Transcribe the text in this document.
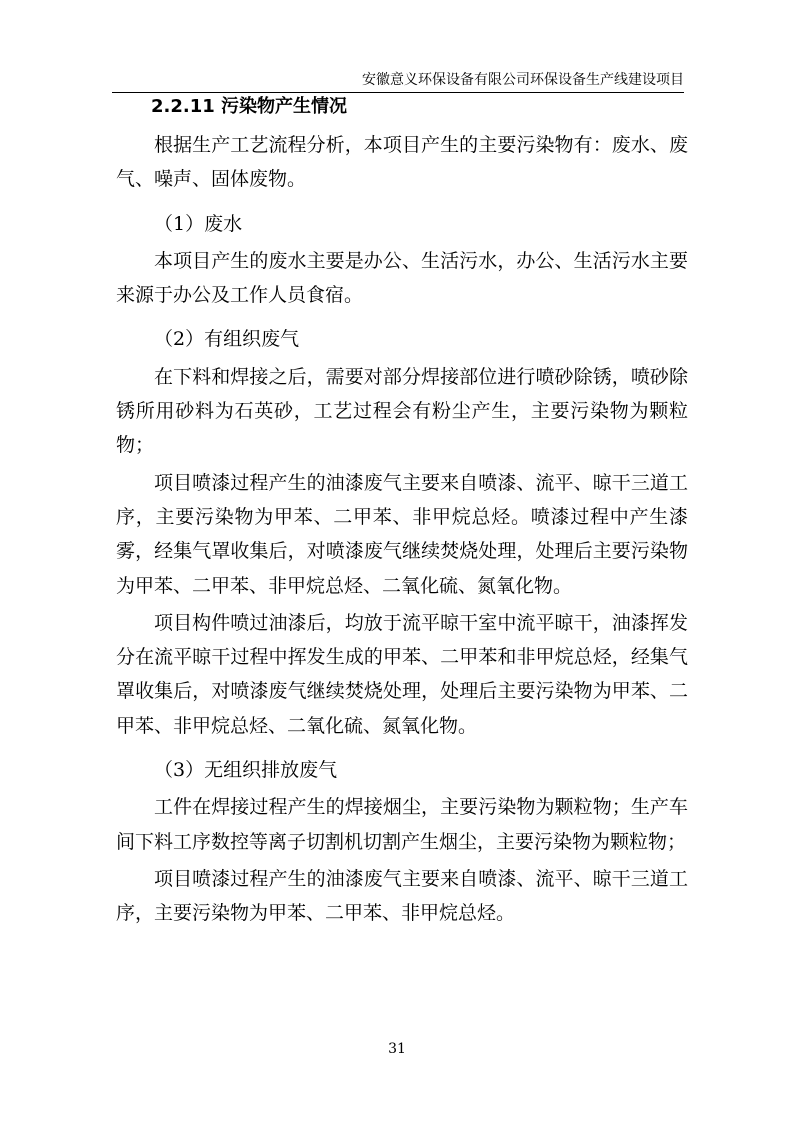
安徽意义环保设备有限公司环保设备生产线建设项目
2.2.11 污染物产生情况

根据生产工艺流程分析，本项目产生的主要污染物有：废水、废气、噪声、固体废物。

（1）废水

本项目产生的废水主要是办公、生活污水，办公、生活污水主要来源于办公及工作人员食宿。

（2）有组织废气

在下料和焊接之后，需要对部分焊接部位进行喷砂除锈，喷砂除锈所用砂料为石英砂，工艺过程会有粉尘产生，主要污染物为颗粒物；

项目喷漆过程产生的油漆废气主要来自喷漆、流平、晾干三道工序，主要污染物为甲苯、二甲苯、非甲烷总烃。喷漆过程中产生漆雾，经集气罩收集后，对喷漆废气继续焚烧处理，处理后主要污染物为甲苯、二甲苯、非甲烷总烃、二氧化硫、氮氧化物。

项目构件喷过油漆后，均放于流平晾干室中流平晾干，油漆挥发分在流平晾干过程中挥发生成的甲苯、二甲苯和非甲烷总烃，经集气罩收集后，对喷漆废气继续焚烧处理，处理后主要污染物为甲苯、二甲苯、非甲烷总烃、二氧化硫、氮氧化物。

（3）无组织排放废气

工件在焊接过程产生的焊接烟尘，主要污染物为颗粒物；生产车间下料工序数控等离子切割机切割产生烟尘，主要污染物为颗粒物；

项目喷漆过程产生的油漆废气主要来自喷漆、流平、晾干三道工序，主要污染物为甲苯、二甲苯、非甲烷总烃。

31
